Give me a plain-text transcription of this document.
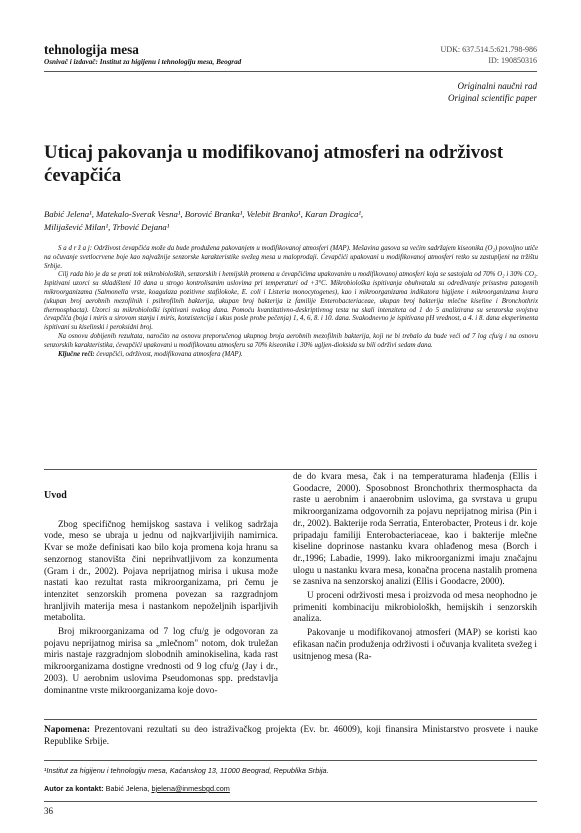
tehnologija mesa
Osnivač i izdavač: Institut za higijenu i tehnologiju mesa, Beograd
UDK: 637.514.5:621.798-986
ID: 190850316
Originalni naučni rad
Original scientific paper
Uticaj pakovanja u modifikovanoj atmosferi na održivost ćevapčića

Babić Jelena¹, Matekalo-Sverak Vesna¹, Borović Branka¹, Velebit Branko¹, Karan Dragica¹,

Milijašević Milan¹, Trbović Dejana¹

S a d r ž a j: Održivost ćevapčića može da bude produžena pakovanjem u modifikovanoj atmosferi (MAP). Mešavina gasova sa većim sadržajem kiseonika (O₂) povoljno utiče na očuvanje svetlocrvene boje kao najvažnije senzorske karakteristike svežeg mesa u maloprodaji. Ćevapčići upakovani u modifikovanoj atmosferi retko su zastupljeni na tržištu Srbije.

Cilj rada bio je da se prati tok mikrobioloških, senzorskih i hemijskih promena u ćevapčićima upakovanim u modifikovanoj atmosferi koja se sastojala od 70% O₂ i 30% CO₂. Ispitivani uzorci su skladišteni 10 dana u strogo kontrolisanim uslovima pri temperaturi od +3°C. Mikrobiološka ispitivanja obuhvatala su određivanje prisustva patogenih mikroorganizama (Salmonella vrste, koagulaza pozitivne stafilokoke, E. coli i Listeria monocytogenes), kao i mikroorganizama indikatora higijene i mikroorganizama kvara (ukupan broj aerobnih mezofilnih i psihrofilnih bakterija, ukupan broj bakterija iz familije Enterobacteriaceae, ukupan broj bakterija mlečne kiseline i Bronchothrix thermosphacta). Uzorci su mikrobiološki ispitivani svakog dana. Pomoću kvantitativno-deskriptivnog testa na skali intenziteta od 1 do 5 analizirana su senzorska svojstva ćevapčića (boja i miris u sirovom stanju i miris, konzistencija i ukus posle probe pečenja) 1, 4, 6, 8. i 10. dana. Svakodnevno je ispitivana pH vrednost, a 4. i 8. dana eksperimenta ispitivani su kiselinski i peroksidni broj.

Na osnovu dobijenih rezultata, naročito na osnovu preporučenog ukupnog broja aerobnih mezofilnih bakterija, koji ne bi trebalo da bude veći od 7 log cfu/g i na osnovu senzorskih karakteristika, ćevapčići upakovani u modifikovanu atmosferu sa 70% kiseonika i 30% ugljen-dioksida su bili održivi sedam dana.

Ključne reči: ćevapčići, održivost, modifikovana atmosfera (MAP).

Uvod

Zbog specifičnog hemijskog sastava i velikog sadržaja vode, meso se ubraja u jednu od najkvarljivijih namirnica. Kvar se može definisati kao bilo koja promena koja hranu sa senzornog stanovišta čini neprihvatljivom za konzumenta (Gram i dr., 2002). Pojava neprijatnog mirisa i ukusa može nastati kao rezultat rasta mikroorganizama, pri čemu je intenzitet senzorskih promena povezan sa razgradnjom hranljivih materija mesa i nastankom nepoželjnih isparljivih metabolita.

Broj mikroorganizama od 7 log cfu/g je odgovoran za pojavu neprijatnog mirisa sa „mlečnom" notom, dok truležan miris nastaje razgradnjom slobodnih aminokiselina, kada rast mikroorganizama dostigne vrednosti od 9 log cfu/g (Jay i dr., 2003). U aerobnim uslovima Pseudomonas spp. predstavlja dominantne vrste mikroorganizama koje dovo-

de do kvara mesa, čak i na temperaturama hlađenja (Ellis i Goodacre, 2000). Sposobnost Bronchothrix thermosphacta da raste u aerobnim i anaerobnim uslovima, ga svrstava u grupu mikroorganizama odgovornih za pojavu neprijatnog mirisa (Pin i dr., 2002). Bakterije roda Serratia, Enterobacter, Proteus i dr. koje pripadaju familiji Enterobacteriaceae, kao i bakterije mlečne kiseline doprinose nastanku kvara ohlađenog mesa (Borch i dr.,1996; Labadie, 1999). Iako mikroorganizmi imaju značajnu ulogu u nastanku kvara mesa, konačna procena nastalih promena se zasniva na senzorskoj analizi (Ellis i Goodacre, 2000).

U proceni održivosti mesa i proizvoda od mesa neophodno je primeniti kombinaciju mikrobiološkh, hemijskih i senzorskih analiza.

Pakovanje u modifikovanoj atmosferi (MAP) se koristi kao efikasan način produženja održivosti i očuvanja kvaliteta svežeg i usitnjenog mesa (Ra-

Napomena: Prezentovani rezultati su deo istraživačkog projekta (Ev. br. 46009), koji finansira Ministarstvo prosvete i nauke Republike Srbije.
¹Institut za higijenu i tehnologiju mesa, Kaćanskog 13, 11000 Beograd, Republika Srbija.
Autor za kontakt: Babić Jelena, bjelena@inmesbgd.com
36
